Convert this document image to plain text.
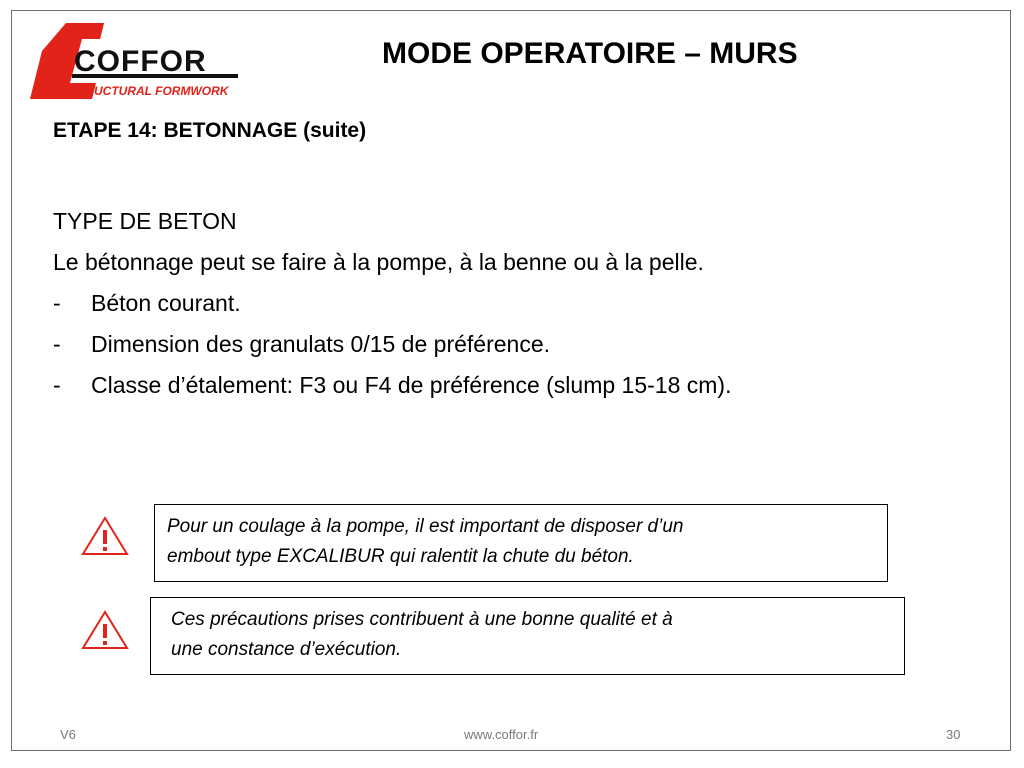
COFFOR
STRUCTURAL FORMWORK
MODE OPERATOIRE – MURS
ETAPE 14: BETONNAGE (suite)
TYPE DE BETON
Le bétonnage peut se faire à la pompe, à la benne ou à la pelle.
-	Béton courant.
-	Dimension des granulats 0/15 de préférence.
-	Classe d’étalement: F3 ou F4 de préférence (slump 15-18 cm).
Pour un coulage à la pompe, il est important de disposer d’un
embout type EXCALIBUR qui ralentit la chute du béton.
Ces précautions prises contribuent à une bonne qualité et à
une constance d’exécution.
V6	www.coffor.fr	30
